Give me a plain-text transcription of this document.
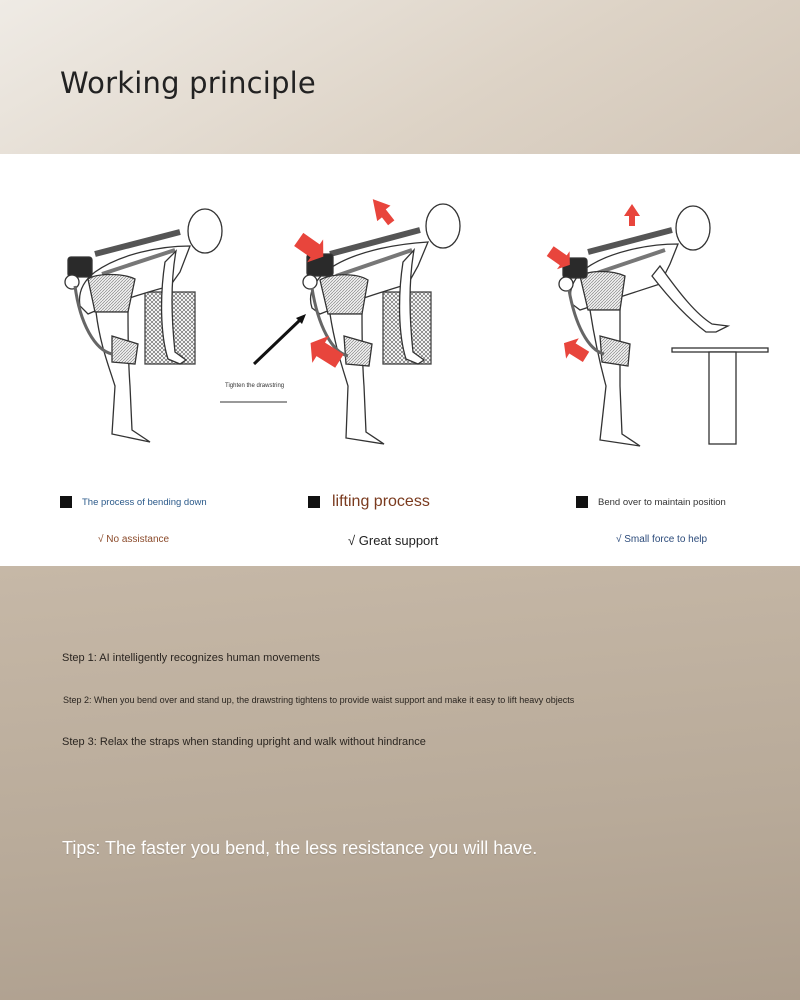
Working principle
Tighten the drawstring
The process of bending down	lifting process	Bend over to maintain position
√ No assistance	√ Great support	√ Small force to help
Step 1: AI intelligently recognizes human movements
Step 2: When you bend over and stand up, the drawstring tightens to provide waist support and make it easy to lift heavy objects
Step 3: Relax the straps when standing upright and walk without hindrance
Tips: The faster you bend, the less resistance you will have.
